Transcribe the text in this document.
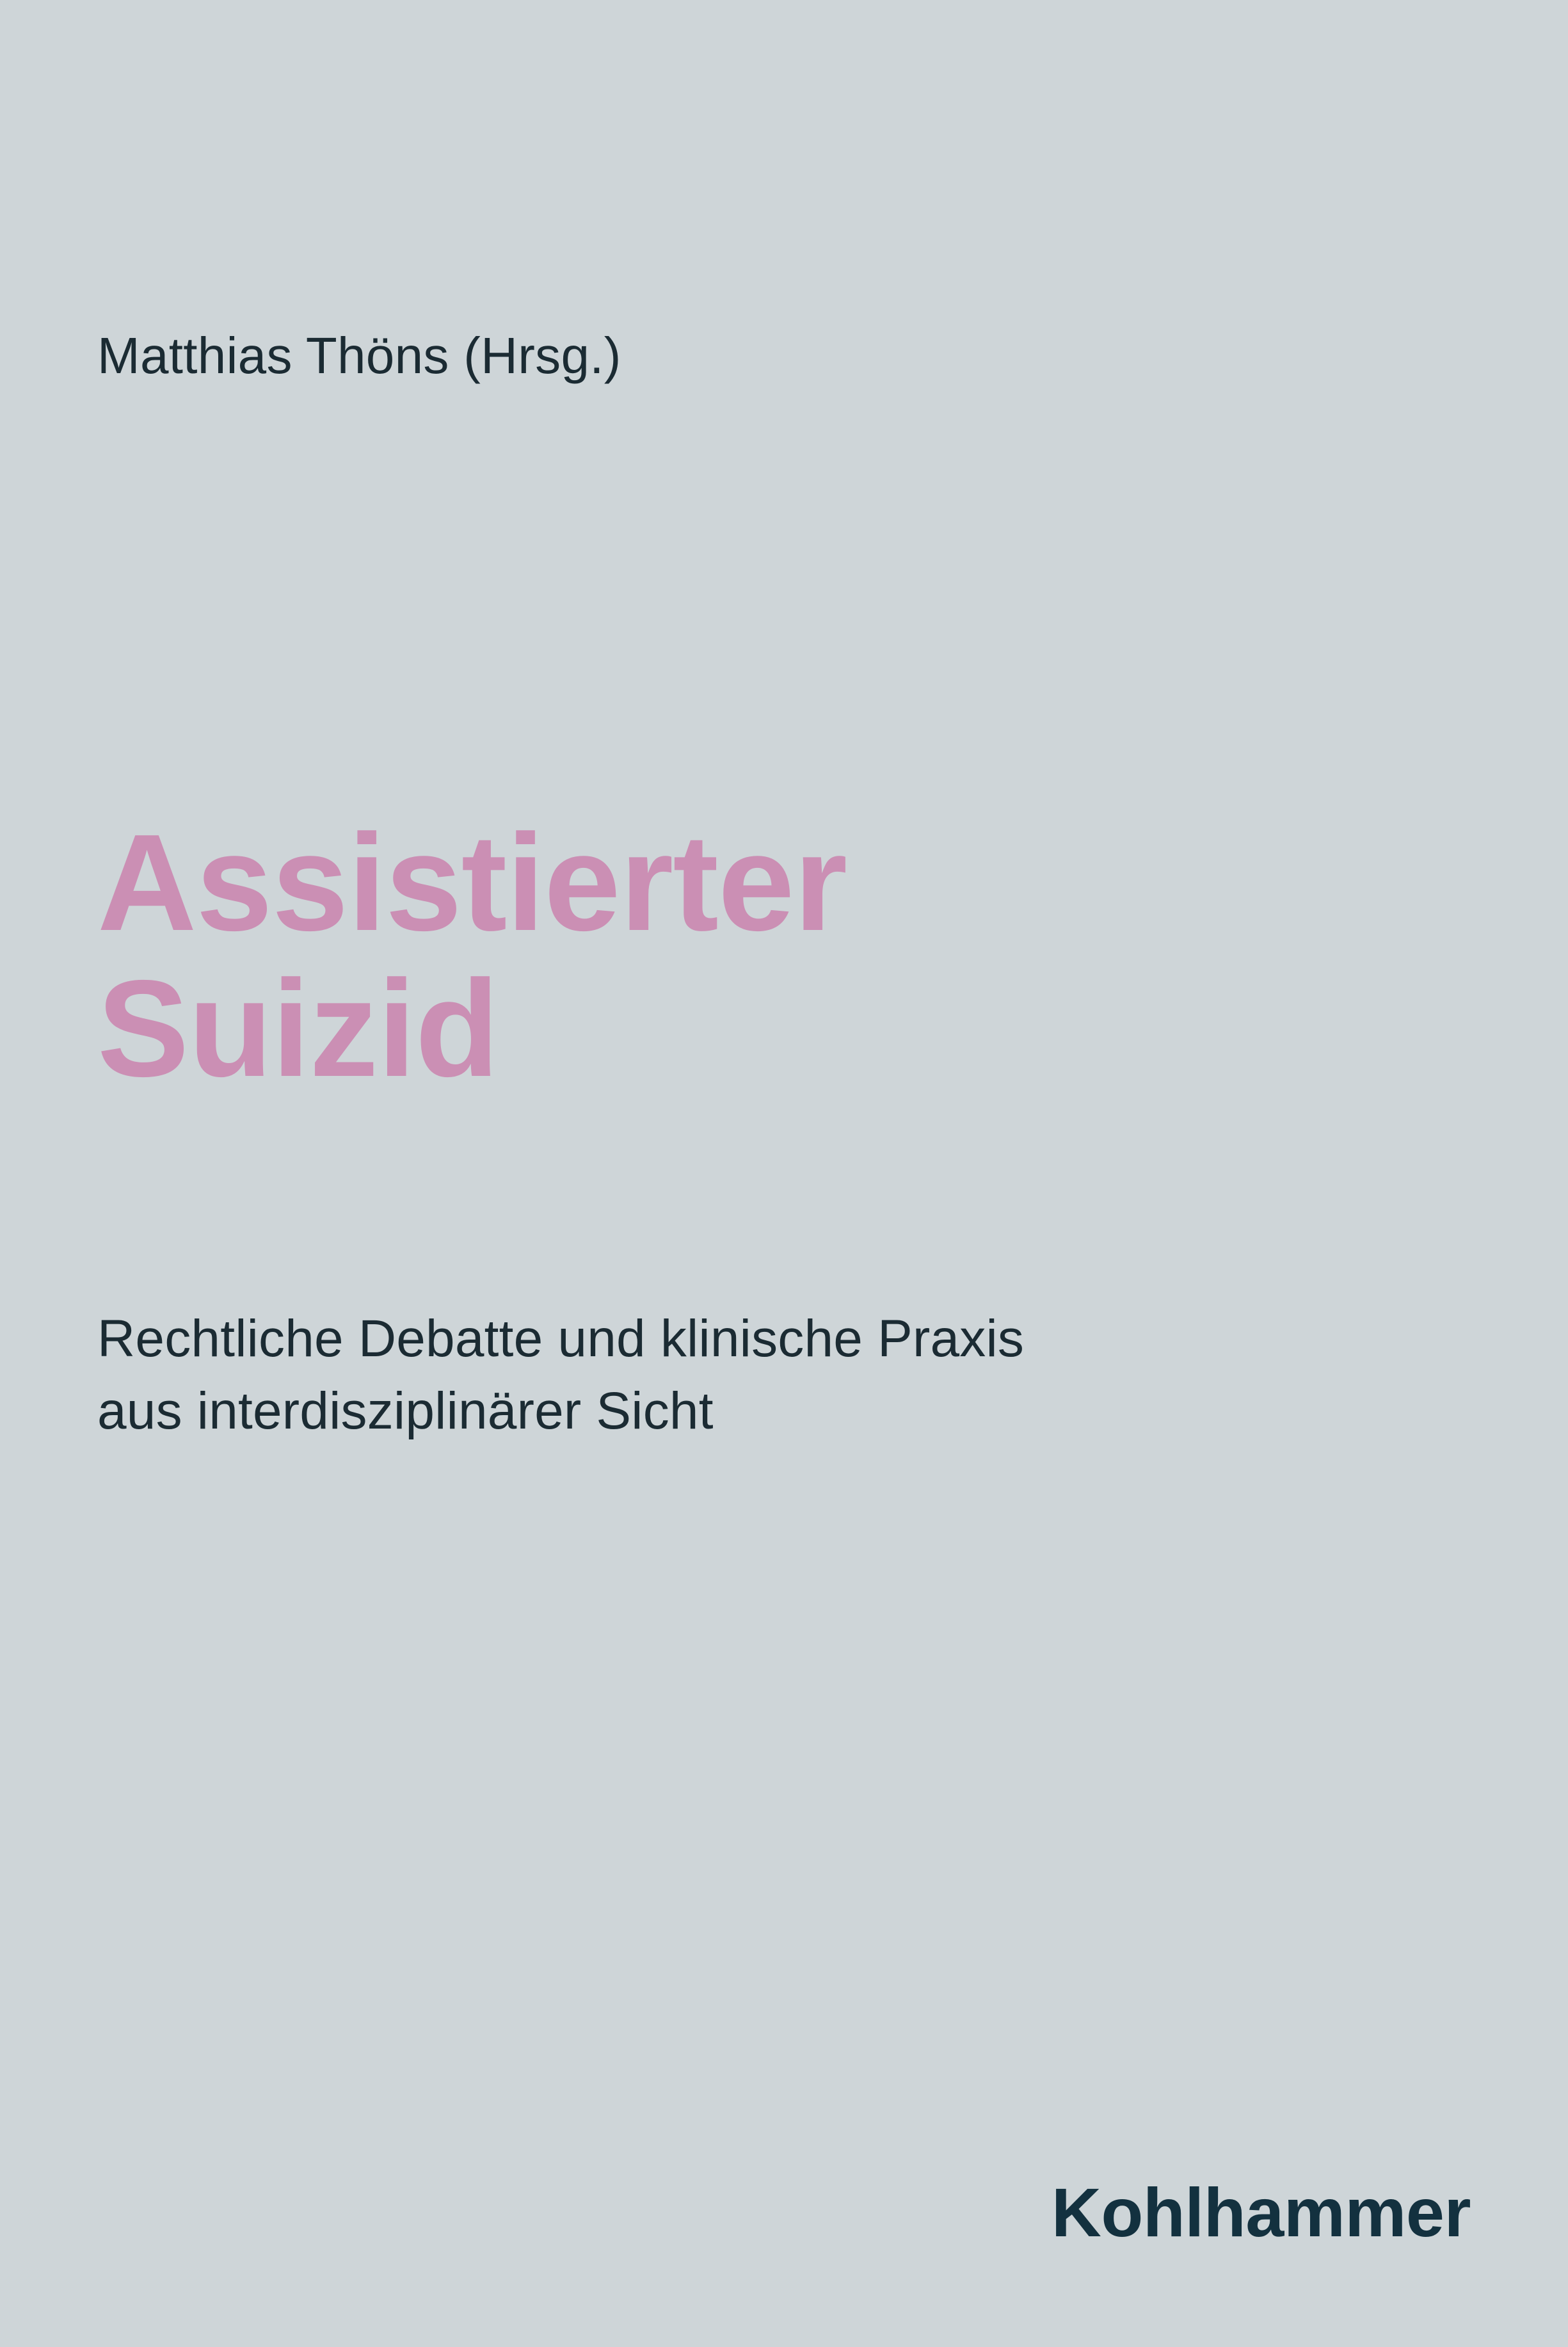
Matthias Thöns (Hrsg.)
Assistierter
Suizid
Rechtliche Debatte und klinische Praxis
aus interdisziplinärer Sicht
Kohlhammer
